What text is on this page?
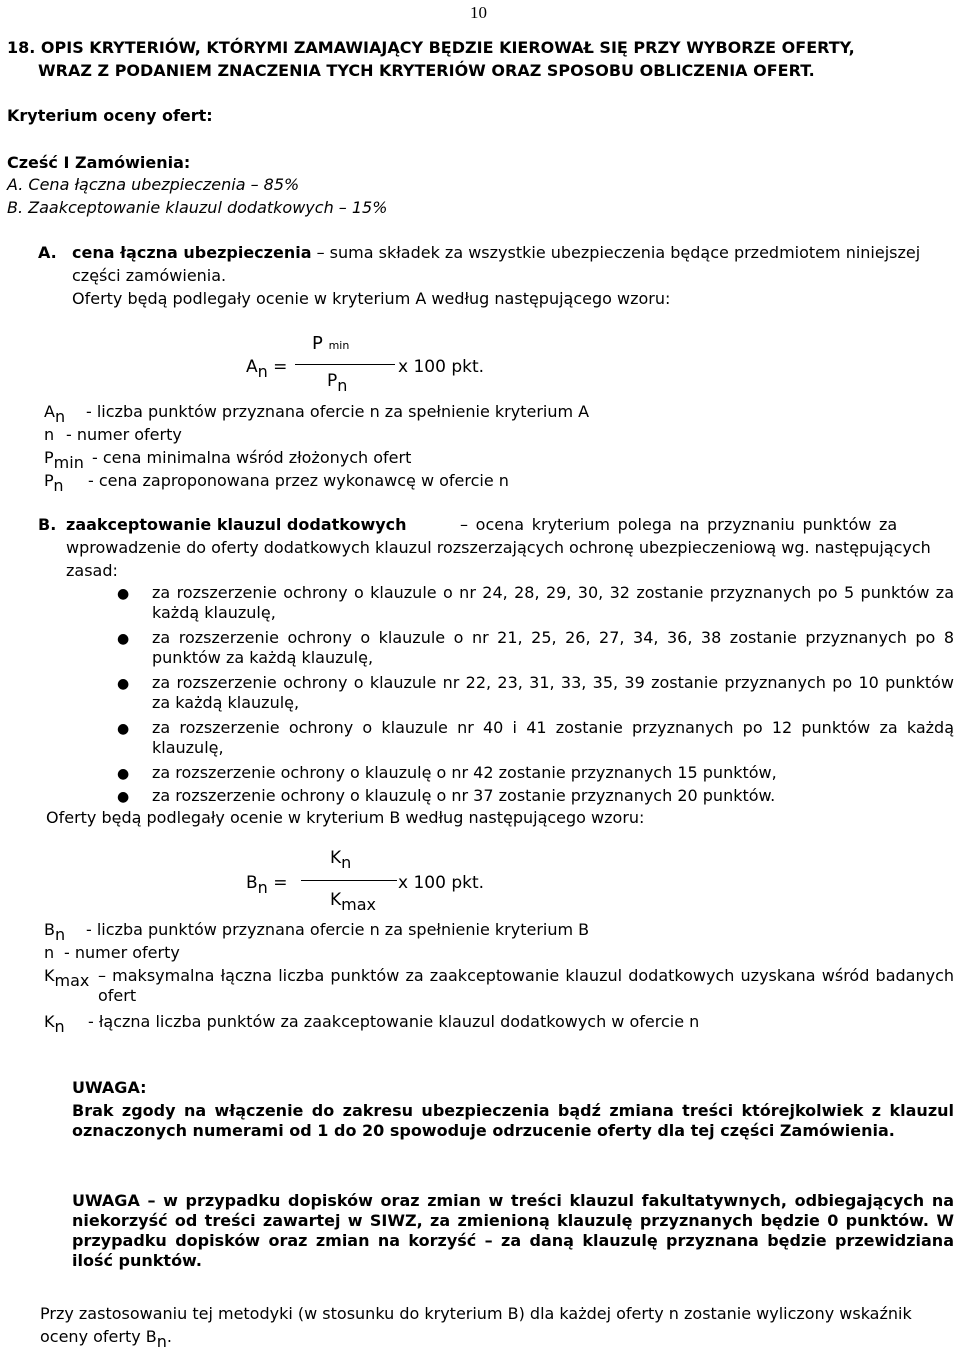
10
18. OPIS KRYTERIÓW, KTÓRYMI ZAMAWIAJĄCY BĘDZIE KIEROWAŁ SIĘ PRZY WYBORZE OFERTY,
WRAZ Z PODANIEM ZNACZENIA TYCH KRYTERIÓW ORAZ SPOSOBU OBLICZENIA OFERT.
Kryterium oceny ofert:
Cześć I Zamówienia:
A. Cena łączna ubezpieczenia – 85%
B. Zaakceptowanie klauzul dodatkowych – 15%
A. cena łączna ubezpieczenia – suma składek za wszystkie ubezpieczenia będące przedmiotem niniejszej
części zamówienia.
Oferty będą podlegały ocenie w kryterium A według następującego wzoru:
P min
An =	x 100 pkt.
Pn
An - liczba punktów przyznana ofercie n za spełnienie kryterium A
n - numer oferty
Pmin - cena minimalna wśród złożonych ofert
Pn - cena zaproponowana przez wykonawcę w ofercie n
B. zaakceptowanie klauzul dodatkowych	– ocena kryterium polega na przyznaniu punktów za
wprowadzenie do oferty dodatkowych klauzul rozszerzających ochronę ubezpieczeniową wg. następujących
zasad:
● za rozszerzenie ochrony o klauzule o nr 24, 28, 29, 30, 32 zostanie przyznanych po 5 punktów za każdą klauzulę,
● za rozszerzenie ochrony o klauzule o nr 21, 25, 26, 27, 34, 36, 38 zostanie przyznanych po 8 punktów za każdą klauzulę,
● za rozszerzenie ochrony o klauzule nr 22, 23, 31, 33, 35, 39 zostanie przyznanych po 10 punktów za każdą klauzulę,
● za rozszerzenie ochrony o klauzule nr 40 i 41 zostanie przyznanych po 12 punktów za każdą klauzulę,
● za rozszerzenie ochrony o klauzulę o nr 42 zostanie przyznanych 15 punktów,
● za rozszerzenie ochrony o klauzulę o nr 37 zostanie przyznanych 20 punktów.
Oferty będą podlegały ocenie w kryterium B według następującego wzoru:
Kn
Bn =	x 100 pkt.
Kmax
Bn - liczba punktów przyznana ofercie n za spełnienie kryterium B
n - numer oferty
Kmax – maksymalna łączna liczba punktów za zaakceptowanie klauzul dodatkowych uzyskana wśród badanych ofert
Kn - łączna liczba punktów za zaakceptowanie klauzul dodatkowych w ofercie n
UWAGA:
Brak zgody na włączenie do zakresu ubezpieczenia bądź zmiana treści którejkolwiek z klauzul oznaczonych numerami od 1 do 20 spowoduje odrzucenie oferty dla tej części Zamówienia.
UWAGA – w przypadku dopisków oraz zmian w treści klauzul fakultatywnych, odbiegających na niekorzyść od treści zawartej w SIWZ, za zmienioną klauzulę przyznanych będzie 0 punktów. W przypadku dopisków oraz zmian na korzyść – za daną klauzulę przyznana będzie przewidziana ilość punktów.
Przy zastosowaniu tej metodyki (w stosunku do kryterium B) dla każdej oferty n zostanie wyliczony wskaźnik
oceny oferty Bn.
